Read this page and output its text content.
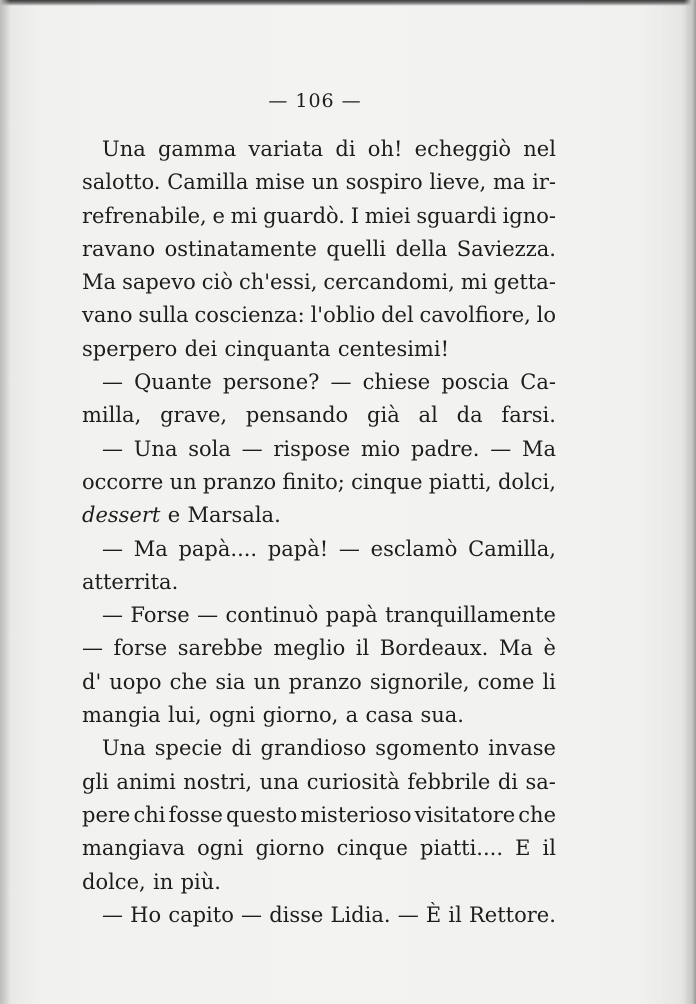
— 106 —

Una gamma variata di oh! echeggiò nel
salotto. Camilla mise un sospiro lieve, ma ir-
refrenabile, e mi guardò. I miei sguardi igno-
ravano ostinatamente quelli della Saviezza.
Ma sapevo ciò ch'essi, cercandomi, mi getta-
vano sulla coscienza: l'oblio del cavolfiore, lo
sperpero dei cinquanta centesimi!

— Quante persone? — chiese poscia Ca-
milla, grave, pensando già al da farsi.

— Una sola — rispose mio padre. — Ma
occorre un pranzo finito; cinque piatti, dolci,
dessert e Marsala.

— Ma papà.... papà! — esclamò Camilla,
atterrita.

— Forse — continuò papà tranquillamente
— forse sarebbe meglio il Bordeaux. Ma è
d' uopo che sia un pranzo signorile, come li
mangia lui, ogni giorno, a casa sua.

Una specie di grandioso sgomento invase
gli animi nostri, una curiosità febbrile di sa-
pere chi fosse questo misterioso visitatore che
mangiava ogni giorno cinque piatti.... E il
dolce, in più.

— Ho capito — disse Lidia. — È il Rettore.
